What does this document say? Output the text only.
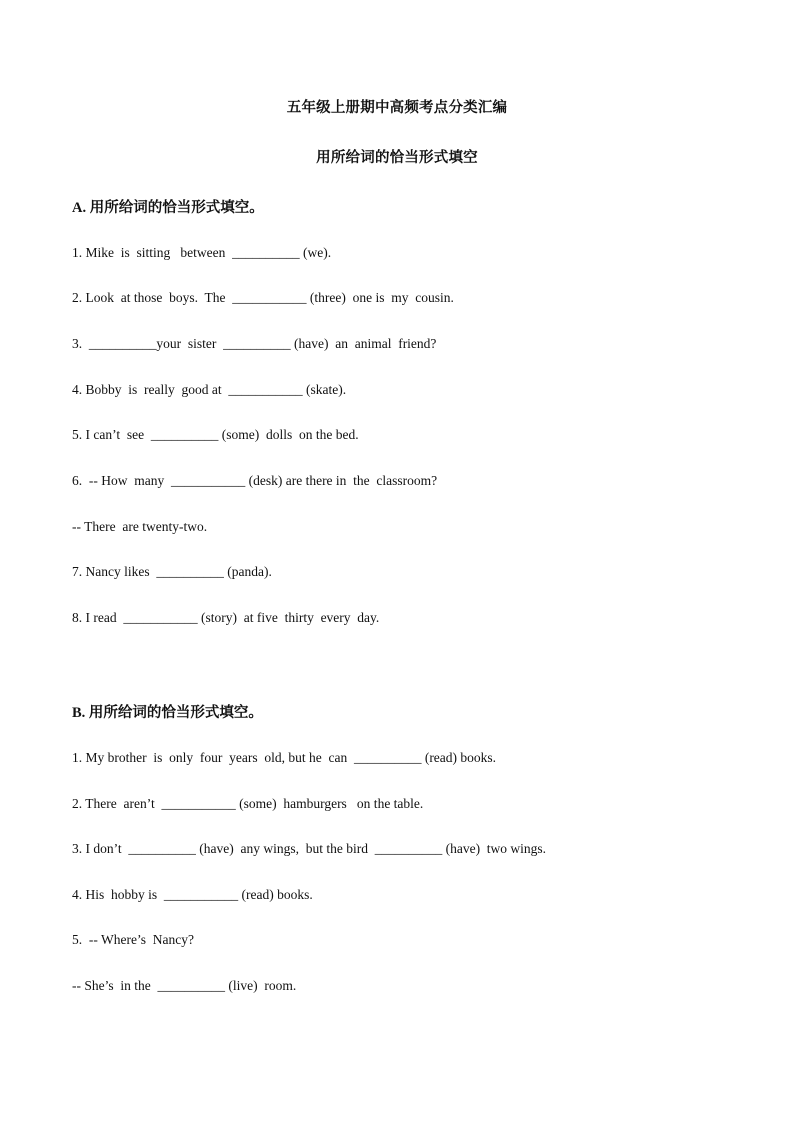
五年级上册期中高频考点分类汇编
用所给词的恰当形式填空
A. 用所给词的恰当形式填空。
1. Mike  is  sitting   between  __________ (we).
2. Look  at those  boys.  The  ___________ (three)  one is  my  cousin.
3.  __________your  sister  __________ (have)  an  animal  friend?
4. Bobby  is  really  good at  ___________ (skate).
5. I can’t  see  __________ (some)  dolls  on the bed.
6.  -- How  many  ___________ (desk) are there in  the  classroom?
-- There  are twenty-two.
7. Nancy likes  __________ (panda).
8. I read  ___________ (story)  at five  thirty  every  day.
B. 用所给词的恰当形式填空。
1. My brother  is  only  four  years  old, but he  can  __________ (read) books.
2. There  aren’t  ___________ (some)  hamburgers   on the table.
3. I don’t  __________ (have)  any wings,  but the bird  __________ (have)  two wings.
4. His  hobby is  ___________ (read) books.
5.  -- Where’s  Nancy?
-- She’s  in the  __________ (live)  room.
